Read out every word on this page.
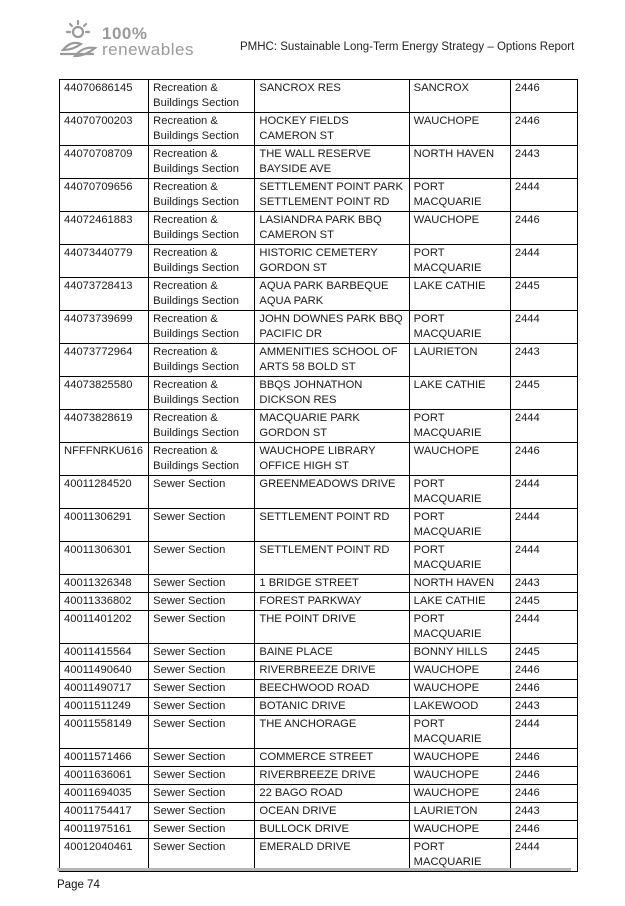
100%
renewables	PMHC: Sustainable Long-Term Energy Strategy – Options Report
44070686145	Recreation & Buildings Section	SANCROX RES	SANCROX	2446
44070700203	Recreation & Buildings Section	HOCKEY FIELDS CAMERON ST	WAUCHOPE	2446
44070708709	Recreation & Buildings Section	THE WALL RESERVE BAYSIDE AVE	NORTH HAVEN	2443
44070709656	Recreation & Buildings Section	SETTLEMENT POINT PARK SETTLEMENT POINT RD	PORT MACQUARIE	2444
44072461883	Recreation & Buildings Section	LASIANDRA PARK BBQ CAMERON ST	WAUCHOPE	2446
44073440779	Recreation & Buildings Section	HISTORIC CEMETERY GORDON ST	PORT MACQUARIE	2444
44073728413	Recreation & Buildings Section	AQUA PARK BARBEQUE AQUA PARK	LAKE CATHIE	2445
44073739699	Recreation & Buildings Section	JOHN DOWNES PARK BBQ PACIFIC DR	PORT MACQUARIE	2444
44073772964	Recreation & Buildings Section	AMMENITIES SCHOOL OF ARTS 58 BOLD ST	LAURIETON	2443
44073825580	Recreation & Buildings Section	BBQS JOHNATHON DICKSON RES	LAKE CATHIE	2445
44073828619	Recreation & Buildings Section	MACQUARIE PARK GORDON ST	PORT MACQUARIE	2444
NFFFNRKU616	Recreation & Buildings Section	WAUCHOPE LIBRARY OFFICE HIGH ST	WAUCHOPE	2446
40011284520	Sewer Section	GREENMEADOWS DRIVE	PORT MACQUARIE	2444
40011306291	Sewer Section	SETTLEMENT POINT RD	PORT MACQUARIE	2444
40011306301	Sewer Section	SETTLEMENT POINT RD	PORT MACQUARIE	2444
40011326348	Sewer Section	1 BRIDGE STREET	NORTH HAVEN	2443
40011336802	Sewer Section	FOREST PARKWAY	LAKE CATHIE	2445
40011401202	Sewer Section	THE POINT DRIVE	PORT MACQUARIE	2444
40011415564	Sewer Section	BAINE PLACE	BONNY HILLS	2445
40011490640	Sewer Section	RIVERBREEZE DRIVE	WAUCHOPE	2446
40011490717	Sewer Section	BEECHWOOD ROAD	WAUCHOPE	2446
40011511249	Sewer Section	BOTANIC DRIVE	LAKEWOOD	2443
40011558149	Sewer Section	THE ANCHORAGE	PORT MACQUARIE	2444
40011571466	Sewer Section	COMMERCE STREET	WAUCHOPE	2446
40011636061	Sewer Section	RIVERBREEZE DRIVE	WAUCHOPE	2446
40011694035	Sewer Section	22 BAGO ROAD	WAUCHOPE	2446
40011754417	Sewer Section	OCEAN DRIVE	LAURIETON	2443
40011975161	Sewer Section	BULLOCK DRIVE	WAUCHOPE	2446
40012040461	Sewer Section	EMERALD DRIVE	PORT MACQUARIE	2444
Page 74
